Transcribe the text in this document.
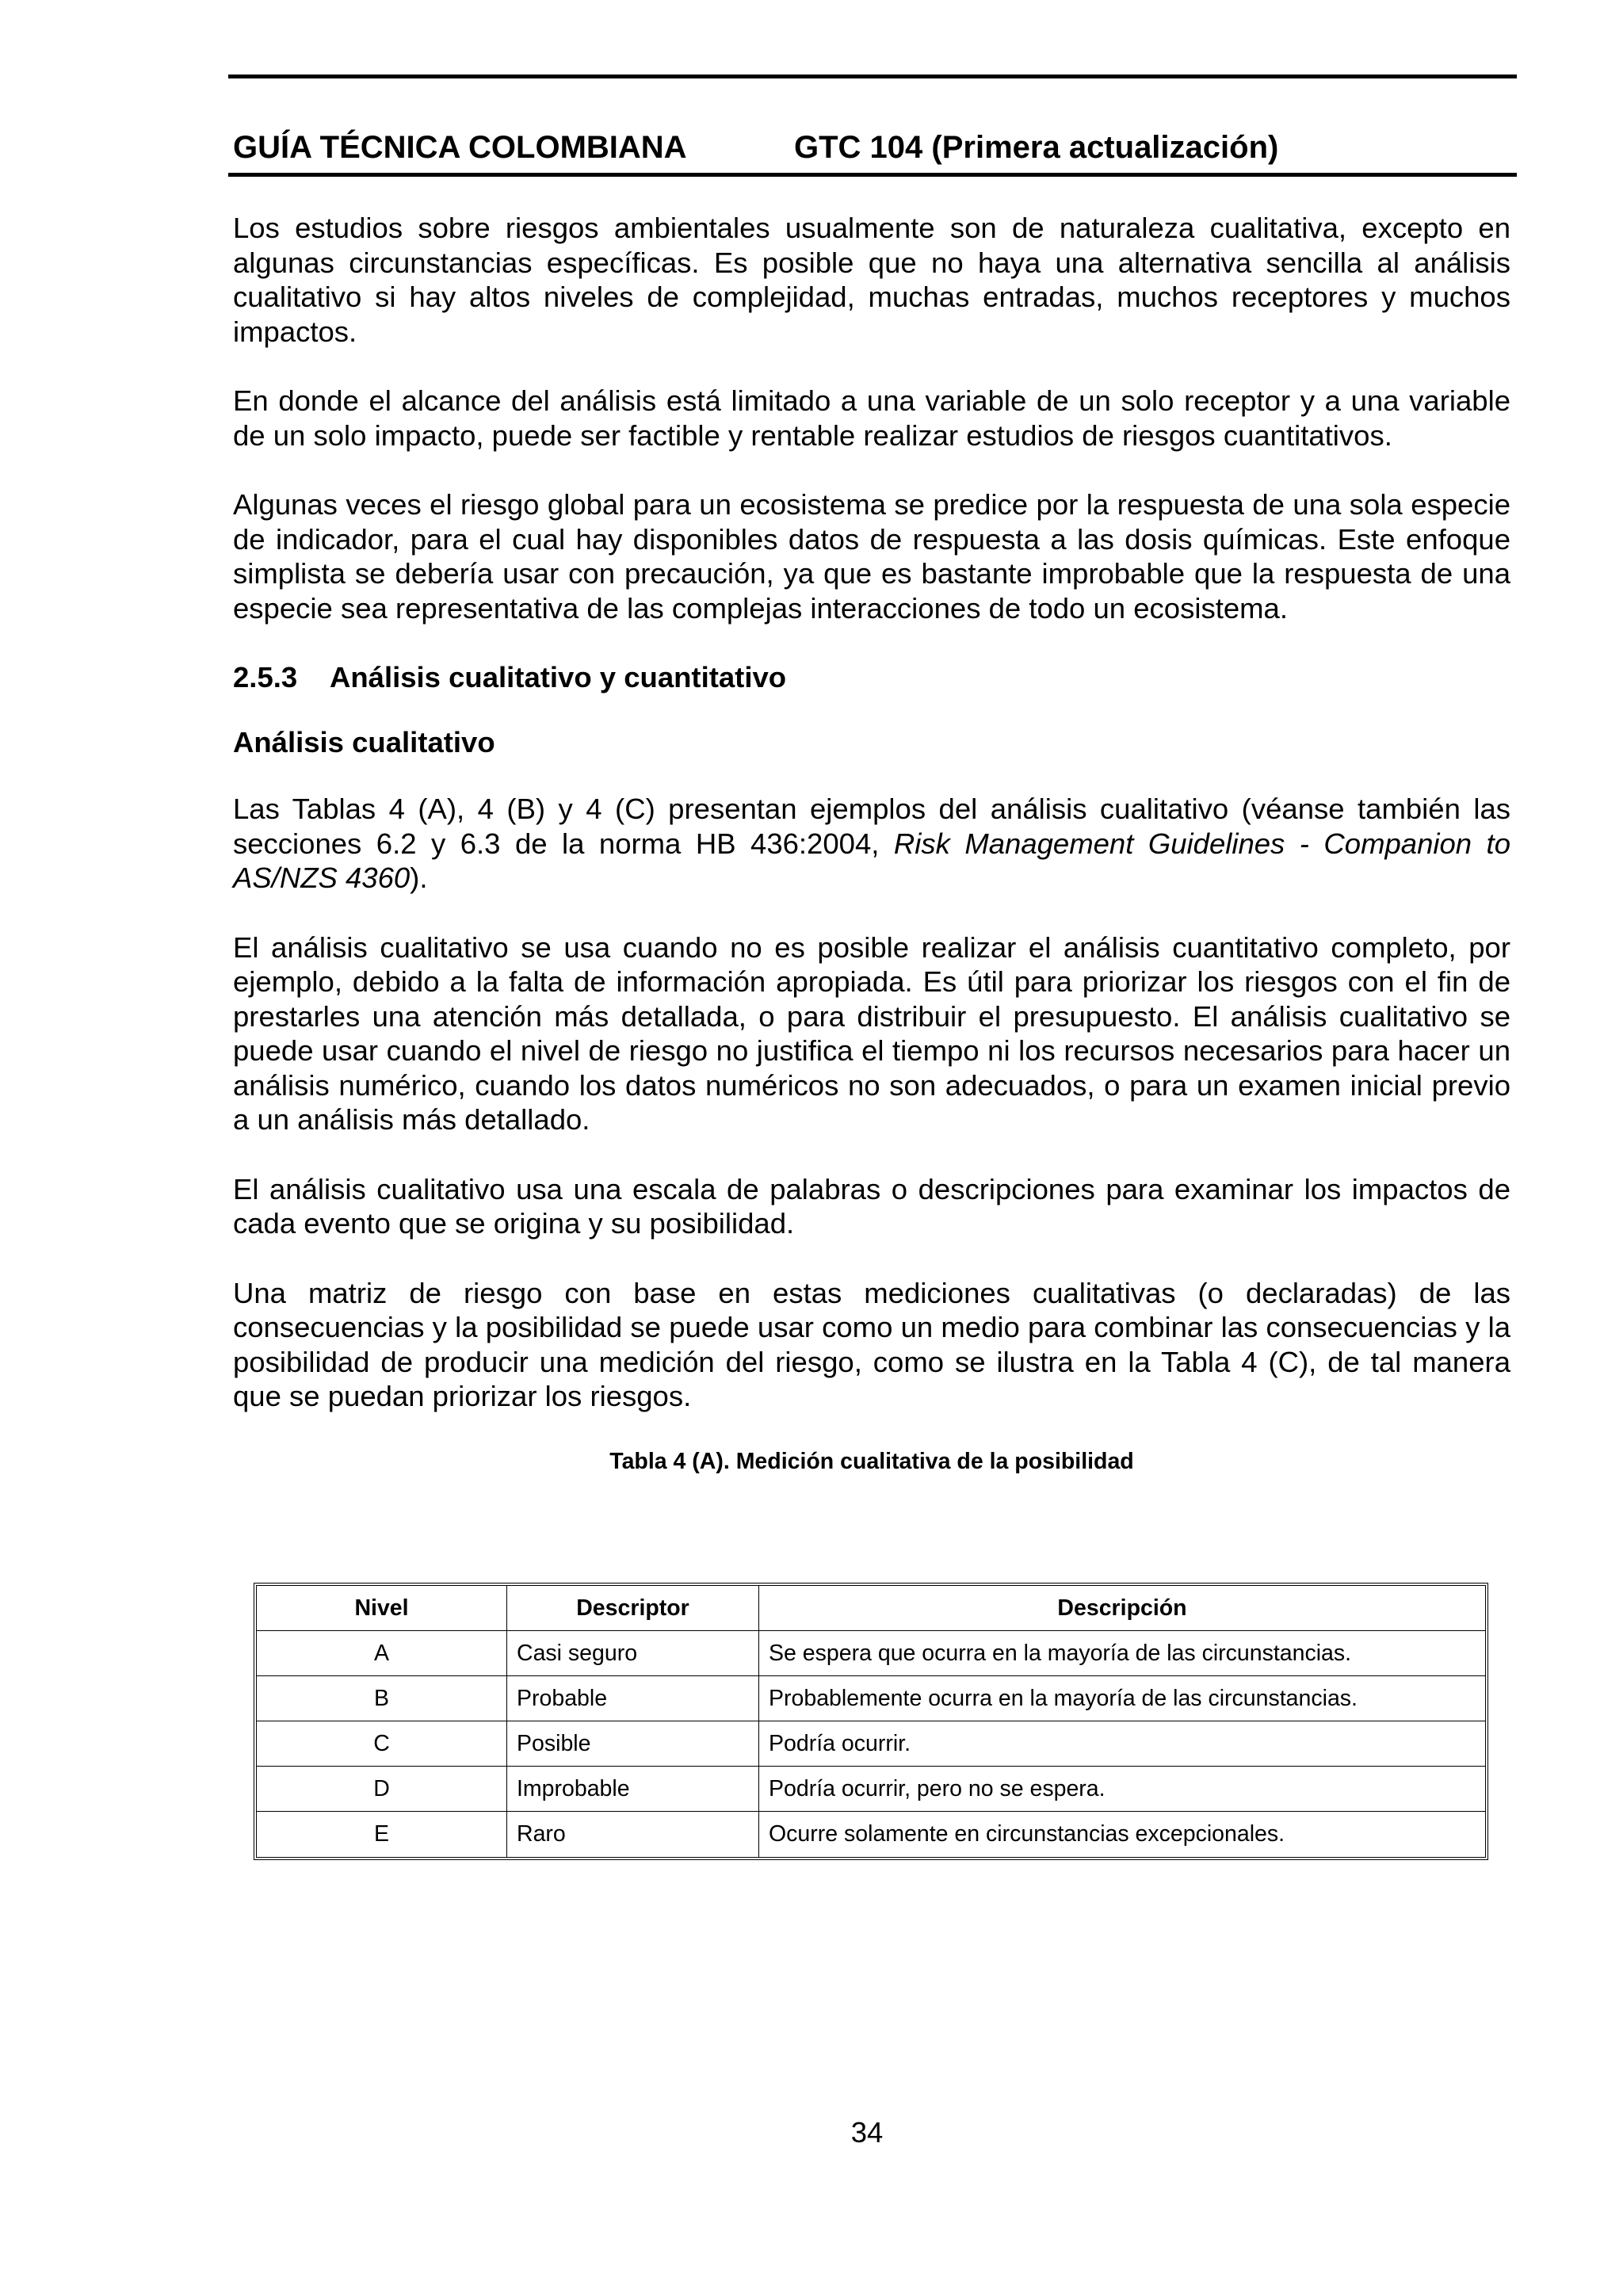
GUÍA TÉCNICA COLOMBIANA	GTC 104 (Primera actualización)

Los estudios sobre riesgos ambientales usualmente son de naturaleza cualitativa, excepto en algunas circunstancias específicas. Es posible que no haya una alternativa sencilla al análisis cualitativo si hay altos niveles de complejidad, muchas entradas, muchos receptores y muchos impactos.

En donde el alcance del análisis está limitado a una variable de un solo receptor y a una variable de un solo impacto, puede ser factible y rentable realizar estudios de riesgos cuantitativos.

Algunas veces el riesgo global para un ecosistema se predice por la respuesta de una sola especie de indicador, para el cual hay disponibles datos de respuesta a las dosis químicas. Este enfoque simplista se debería usar con precaución, ya que es bastante improbable que la respuesta de una especie sea representativa de las complejas interacciones de todo un ecosistema.

2.5.3 Análisis cualitativo y cuantitativo
Análisis cualitativo

Las Tablas 4 (A), 4 (B) y 4 (C) presentan ejemplos del análisis cualitativo (véanse también las secciones 6.2 y 6.3 de la norma HB 436:2004, Risk Management Guidelines - Companion to AS/NZS 4360).

El análisis cualitativo se usa cuando no es posible realizar el análisis cuantitativo completo, por ejemplo, debido a la falta de información apropiada. Es útil para priorizar los riesgos con el fin de prestarles una atención más detallada, o para distribuir el presupuesto. El análisis cualitativo se puede usar cuando el nivel de riesgo no justifica el tiempo ni los recursos necesarios para hacer un análisis numérico, cuando los datos numéricos no son adecuados, o para un examen inicial previo a un análisis más detallado.

El análisis cualitativo usa una escala de palabras o descripciones para examinar los impactos de cada evento que se origina y su posibilidad.

Una matriz de riesgo con base en estas mediciones cualitativas (o declaradas) de las consecuencias y la posibilidad se puede usar como un medio para combinar las consecuencias y la posibilidad de producir una medición del riesgo, como se ilustra en la Tabla 4 (C), de tal manera que se puedan priorizar los riesgos.

Tabla 4 (A). Medición cualitativa de la posibilidad
Nivel	Descriptor	Descripción
A	Casi seguro	Se espera que ocurra en la mayoría de las circunstancias.
B	Probable	Probablemente ocurra en la mayoría de las circunstancias.
C	Posible	Podría ocurrir.
D	Improbable	Podría ocurrir, pero no se espera.
E	Raro	Ocurre solamente en circunstancias excepcionales.
34
